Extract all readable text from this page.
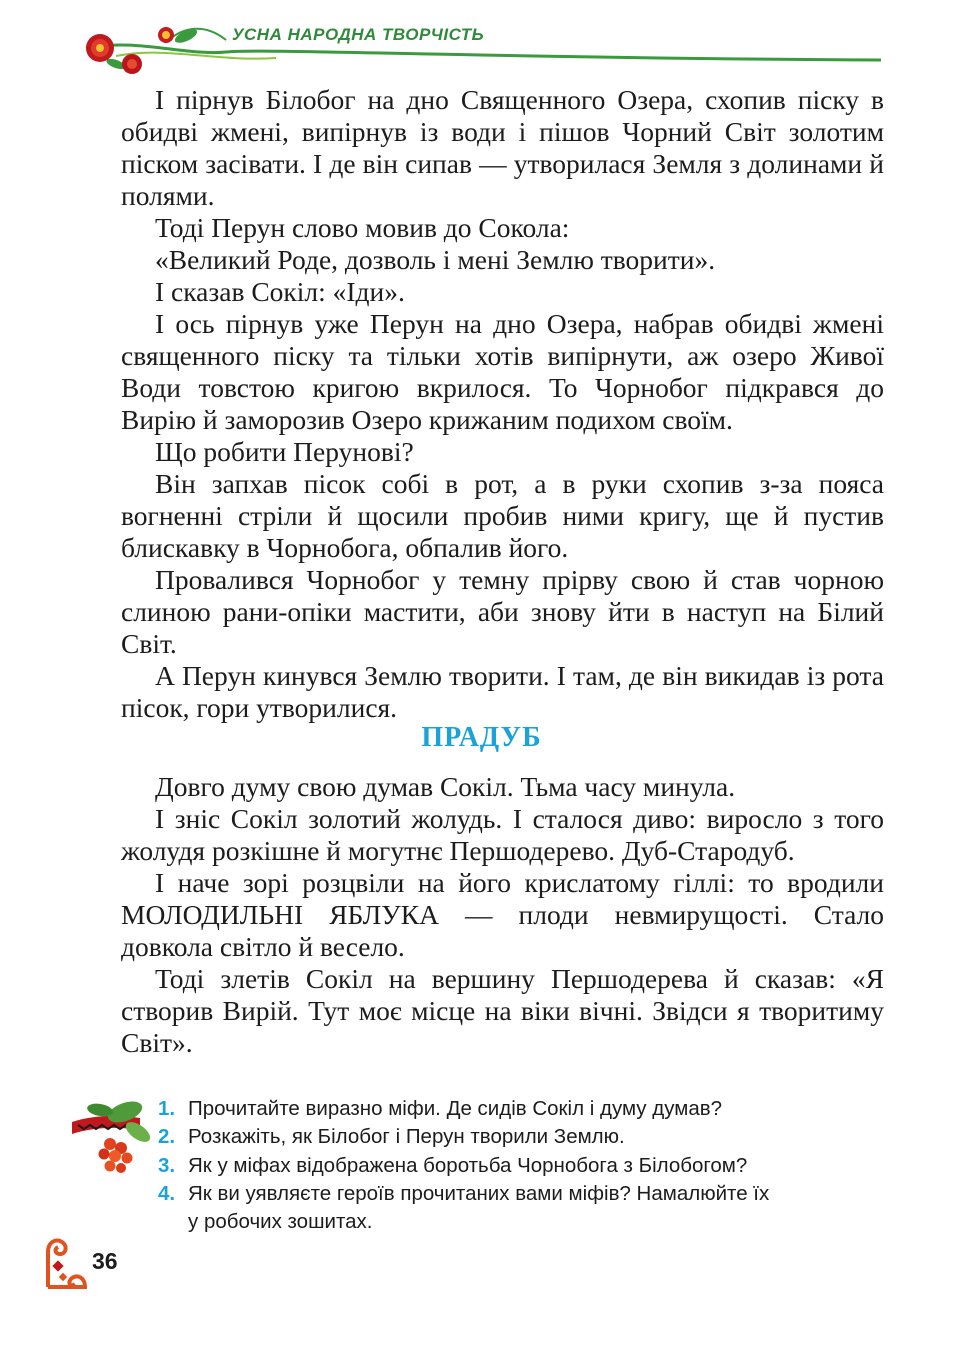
УСНА НАРОДНА ТВОРЧІСТЬ

І пірнув Білобог на дно Священного Озера, схопив піску в обидві жмені, випірнув із води і пішов Чорний Світ золотим піском засівати. І де він сипав — утворилася Земля з долинами й полями.

Тоді Перун слово мовив до Сокола:

«Великий Роде, дозволь і мені Землю творити».

І сказав Сокіл: «Іди».

І ось пірнув уже Перун на дно Озера, набрав обидві жмені священного піску та тільки хотів випірнути, аж озеро Живої Води товстою кригою вкрилося. То Чорнобог підкрався до Вирію й заморозив Озеро крижаним подихом своїм.

Що робити Перунові?

Він запхав пісок собі в рот, а в руки схопив з-за пояса вогненні стріли й щосили пробив ними кригу, ще й пустив блискавку в Чорнобога, обпалив його.

Провалився Чорнобог у темну прірву свою й став чорною слиною рани-опіки мастити, аби знову йти в наступ на Білий Світ.

А Перун кинувся Землю творити. І там, де він викидав із рота пісок, гори утворилися.

ПРАДУБ

Довго думу свою думав Сокіл. Тьма часу минула.

І зніс Сокіл золотий жолудь. І сталося диво: виросло з того жолудя розкішне й могутнє Першодерево. Дуб-Стародуб.

І наче зорі розцвіли на його крислатому гіллі: то вродили МОЛОДИЛЬНІ ЯБЛУКА — плоди невмирущості. Стало довкола світло й весело.

Тоді злетів Сокіл на вершину Першодерева й сказав: «Я створив Вирій. Тут моє місце на віки вічні. Звідси я творитиму Світ».

1. Прочитайте виразно міфи. Де сидів Сокіл і думу думав?
2. Розкажіть, як Білобог і Перун творили Землю.
3. Як у міфах відображена боротьба Чорнобога з Білобогом?
4. Як ви уявляєте героїв прочитаних вами міфів? Намалюйте їх
у робочих зошитах.
36
